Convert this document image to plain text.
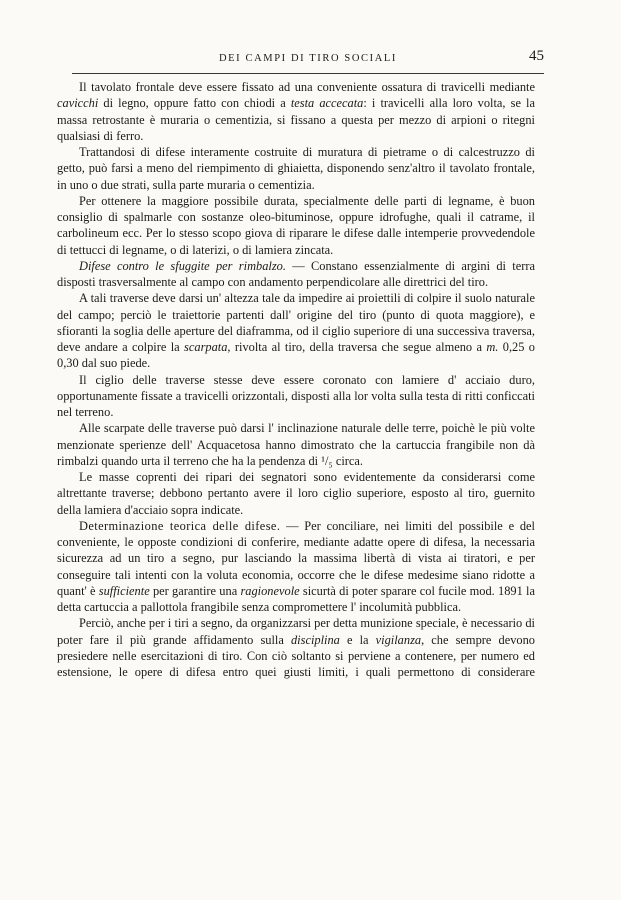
DEI CAMPI DI TIRO SOCIALI	45

Il tavolato frontale deve essere fissato ad una conveniente ossatura di travicelli mediante cavicchi di legno, oppure fatto con chiodi a testa accecata: i travicelli alla loro volta, se la massa retrostante è muraria o cementizia, si fissano a questa per mezzo di arpioni o ritegni qualsiasi di ferro.

Trattandosi di difese interamente costruite di muratura di pietrame o di calcestruzzo di getto, può farsi a meno del riempimento di ghiaietta, disponendo senz'altro il tavolato frontale, in uno o due strati, sulla parte muraria o cementizia.

Per ottenere la maggiore possibile durata, specialmente delle parti di legname, è buon consiglio di spalmarle con sostanze oleo-bituminose, oppure idrofughe, quali il catrame, il carbolineum ecc. Per lo stesso scopo giova di riparare le difese dalle intemperie provvedendole di tettucci di legname, o di laterizi, o di lamiera zincata.

Difese contro le sfuggite per rimbalzo. — Constano essenzialmente di argini di terra disposti trasversalmente al campo con andamento perpendicolare alle direttrici del tiro.

A tali traverse deve darsi un' altezza tale da impedire ai proiettili di colpire il suolo naturale del campo; perciò le traiettorie partenti dall' origine del tiro (punto di quota maggiore), e sfioranti la soglia delle aperture del diaframma, od il ciglio superiore di una successiva traversa, deve andare a colpire la scarpata, rivolta al tiro, della traversa che segue almeno a m. 0,25 o 0,30 dal suo piede.

Il ciglio delle traverse stesse deve essere coronato con lamiere d' acciaio duro, opportunamente fissate a travicelli orizzontali, disposti alla lor volta sulla testa di ritti conficcati nel terreno.

Alle scarpate delle traverse può darsi l' inclinazione naturale delle terre, poichè le più volte menzionate sperienze dell' Acquacetosa hanno dimostrato che la cartuccia frangibile non dà rimbalzi quando urta il terreno che ha la pendenza di ¹/₅ circa.

Le masse coprenti dei ripari dei segnatori sono evidentemente da considerarsi come altrettante traverse; debbono pertanto avere il loro ciglio superiore, esposto al tiro, guernito della lamiera d'acciaio sopra indicate.

Determinazione teorica delle difese. — Per conciliare, nei limiti del possibile e del conveniente, le opposte condizioni di conferire, mediante adatte opere di difesa, la necessaria sicurezza ad un tiro a segno, pur lasciando la massima libertà di vista ai tiratori, e per conseguire tali intenti con la voluta economia, occorre che le difese medesime siano ridotte a quant' è sufficiente per garantire una ragionevole sicurtà di poter sparare col fucile mod. 1891 la detta cartuccia a pallottola frangibile senza compromettere l' incolumità pubblica.

Perciò, anche per i tiri a segno, da organizzarsi per detta munizione speciale, è necessario di poter fare il più grande affidamento sulla disciplina e la vigilanza, che sempre devono presiedere nelle esercitazioni di tiro. Con ciò soltanto si perviene a contenere, per numero ed estensione, le opere di difesa entro quei giusti limiti, i quali permettono di considerare
